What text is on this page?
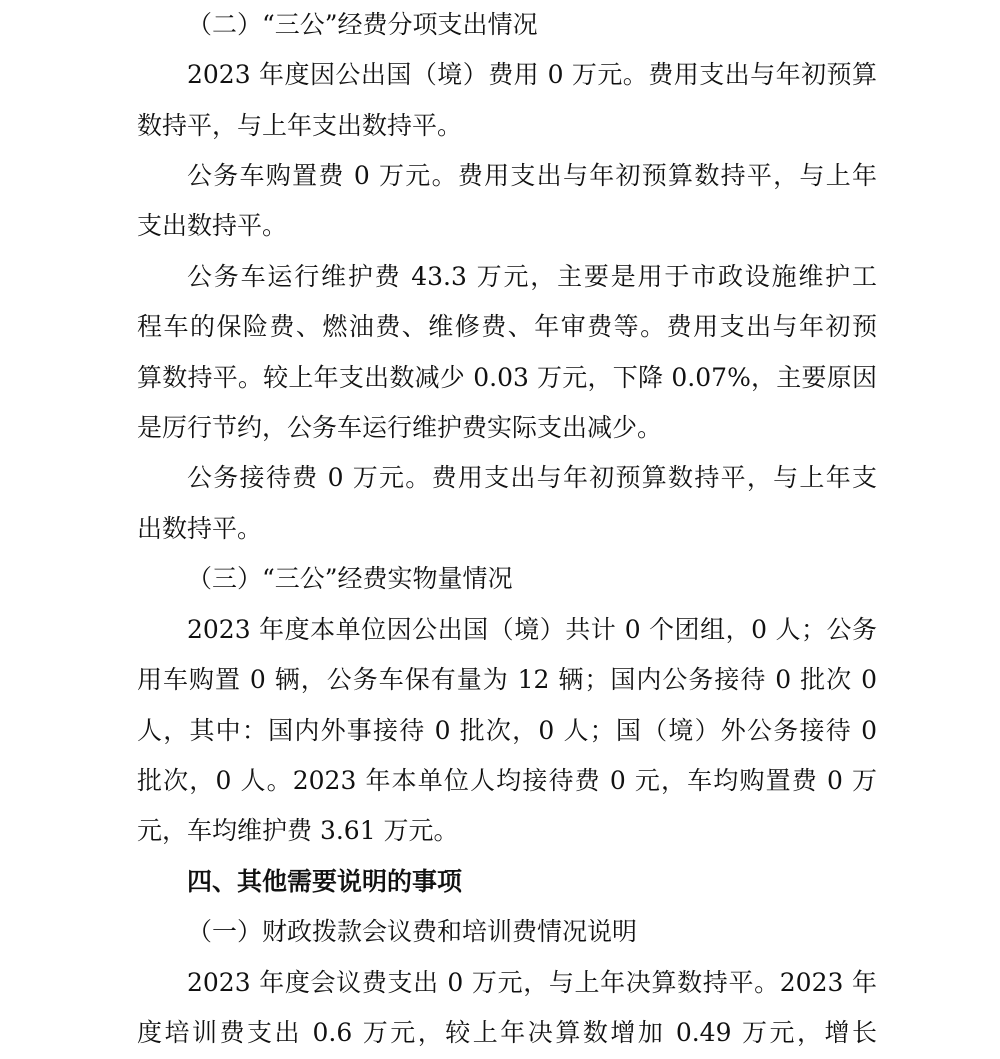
（二）“三公”经费分项支出情况
2023 年度因公出国（境）费用 0 万元。费用支出与年初预算
数持平，与上年支出数持平。
公务车购置费 0 万元。费用支出与年初预算数持平，与上年
支出数持平。
公务车运行维护费 43.3 万元，主要是用于市政设施维护工
程车的保险费、燃油费、维修费、年审费等。费用支出与年初预
算数持平。较上年支出数减少 0.03 万元，下降 0.07%，主要原因
是厉行节约，公务车运行维护费实际支出减少。
公务接待费 0 万元。费用支出与年初预算数持平，与上年支
出数持平。
（三）“三公”经费实物量情况
2023 年度本单位因公出国（境）共计 0 个团组，0 人；公务
用车购置 0 辆，公务车保有量为 12 辆；国内公务接待 0 批次 0
人，其中：国内外事接待 0 批次，0 人；国（境）外公务接待 0
批次，0 人。2023 年本单位人均接待费 0 元，车均购置费 0 万
元，车均维护费 3.61 万元。
四、其他需要说明的事项
（一）财政拨款会议费和培训费情况说明
2023 年度会议费支出 0 万元，与上年决算数持平。2023 年
度培训费支出 0.6 万元，较上年决算数增加 0.49 万元，增长
